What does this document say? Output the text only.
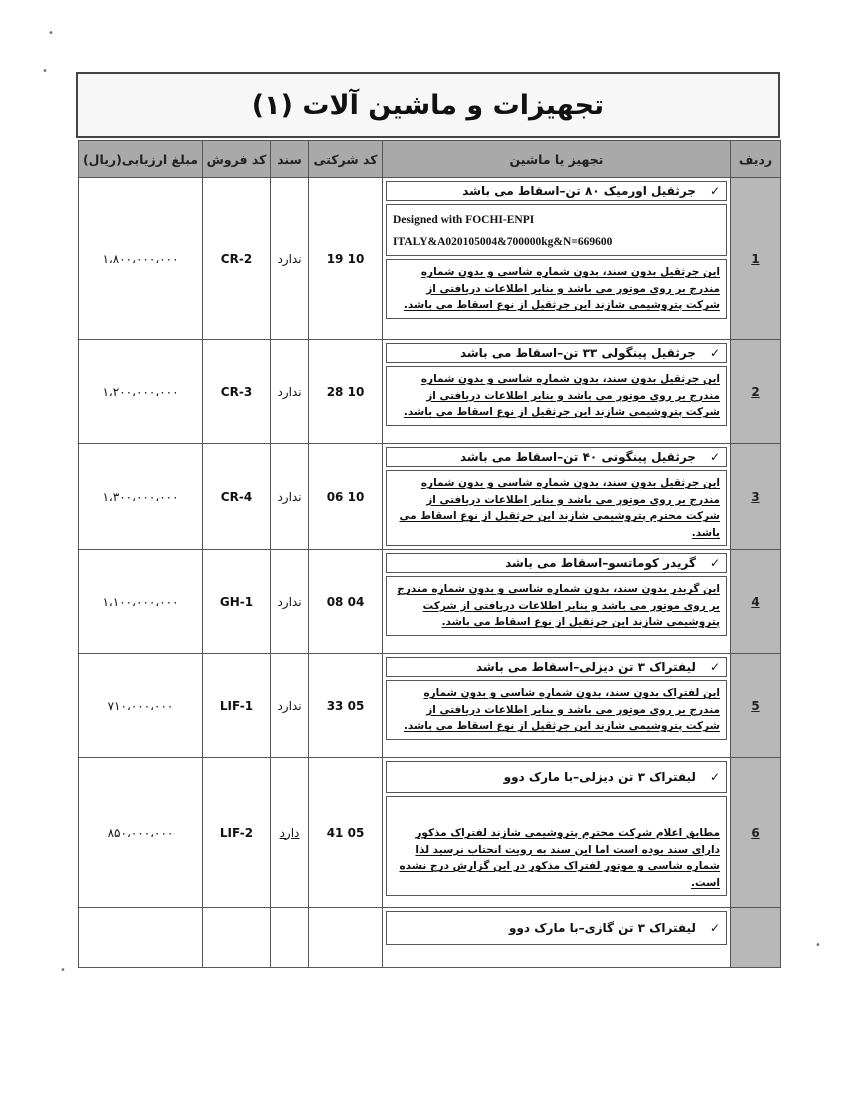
•
•
تجهیزات و ماشین آلات (۱)
ردیف	تجهیز یا ماشین	کد شرکتی	سند	کد فروش	مبلغ ارزیابی(ریال)
1	✓
جرثقیل اورمیک ۸۰ تن–اسقاط می باشد
Designed with FOCHI-ENPI ITALY&A020105004&700000kg&N=669600
این جرثقیل بدون سند، بدون شماره شاسی و بدون شماره مندرج بر روی موتور می باشد و بنابر اطلاعات دریافتی از شرکت پتروشیمی شازند این جرثقیل از نوع اسقاط می باشد.	10 19	ندارد	CR-2	۱،۸۰۰،۰۰۰،۰۰۰
2	✓
جرثقیل پینگولی ۳۳ تن–اسقاط می باشد
این جرثقیل بدون سند، بدون شماره شاسی و بدون شماره مندرج بر روی موتور می باشد و بنابر اطلاعات دریافتی از شرکت پتروشیمی شازند این جرثقیل از نوع اسقاط می باشد.	10 28	ندارد	CR-3	۱،۲۰۰،۰۰۰،۰۰۰
3	✓
جرثقیل پینگونی ۴۰ تن–اسقاط می باشد
این جرثقیل بدون سند، بدون شماره شاسی و بدون شماره مندرج بر روی موتور می باشد و بنابر اطلاعات دریافتی از شرکت محترم پتروشیمی شازند این جرثقیل از نوع اسقاط می باشد.	10 06	ندارد	CR-4	۱،۳۰۰،۰۰۰،۰۰۰
4	✓
گریدر کوماتسو–اسقاط می باشد
این گریدر بدون سند، بدون شماره شاسی و بدون شماره مندرج بر روی موتور می باشد و بنابر اطلاعات دریافتی از شرکت پتروشیمی شازند این جرثقیل از نوع اسقاط می باشد.	04 08	ندارد	GH-1	۱،۱۰۰،۰۰۰،۰۰۰
5	✓
لیفتراک ۳ تن دیزلی–اسقاط می باشد
این لفتراک بدون سند، بدون شماره شاسی و بدون شماره مندرج بر روی موتور می باشد و بنابر اطلاعات دریافتی از شرکت پتروشیمی شازند این جرثقیل از نوع اسقاط می باشد.	05 33	ندارد	LIF-1	۷۱۰،۰۰۰،۰۰۰
6	✓
لیفتراک ۳ تن دیزلی–با مارک دوو
مطابق اعلام شرکت محترم پتروشیمی شازند لفتراک مذکور دارای سند بوده است اما این سند به رویت انحتاب نرسید لذا شماره شاسی و موتور لفتراک مذکور در این گزارش درج نشده است.	05 41	دارد	LIF-2	۸۵۰،۰۰۰،۰۰۰

	✓
لیفتراک ۳ تن گازی–با مارک دوو				

•
•
